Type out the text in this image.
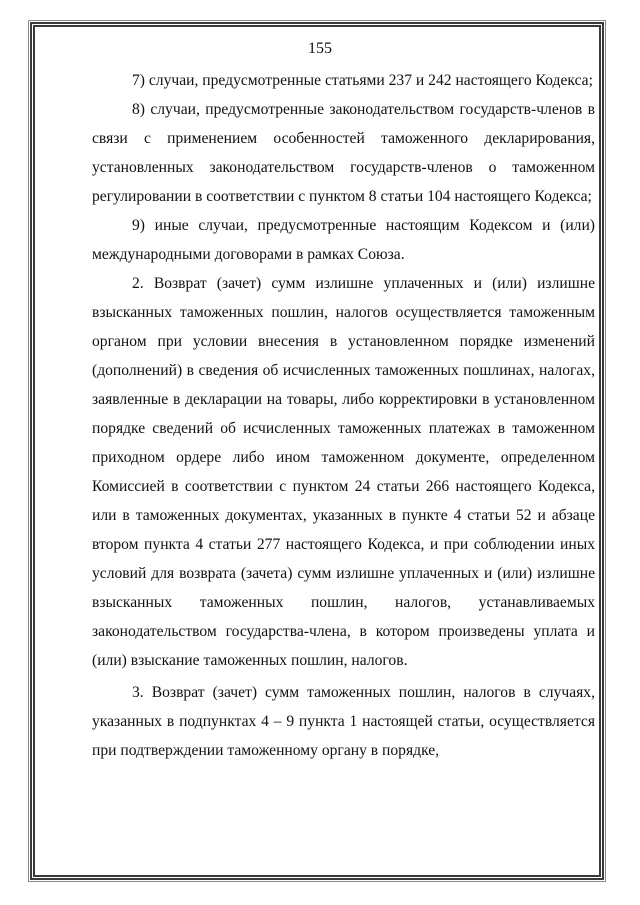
155

7) случаи, предусмотренные статьями 237 и 242 настоящего Кодекса;

8) случаи, предусмотренные законодательством государств-членов в связи с применением особенностей таможенного декларирования, установленных законодательством государств-членов о таможенном регулировании в соответствии с пунктом 8 статьи 104 настоящего Кодекса;

9) иные случаи, предусмотренные настоящим Кодексом и (или) международными договорами в рамках Союза.

2. Возврат (зачет) сумм излишне уплаченных и (или) излишне взысканных таможенных пошлин, налогов осуществляется таможенным органом при условии внесения в установленном порядке изменений (дополнений) в сведения об исчисленных таможенных пошлинах, налогах, заявленные в декларации на товары, либо корректировки в установленном порядке сведений об исчисленных таможенных платежах в таможенном приходном ордере либо ином таможенном документе, определенном Комиссией в соответствии с пунктом 24 статьи 266 настоящего Кодекса, или в таможенных документах, указанных в пункте 4 статьи 52 и абзаце втором пункта 4 статьи 277 настоящего Кодекса, и при соблюдении иных условий для возврата (зачета) сумм излишне уплаченных и (или) излишне взысканных таможенных пошлин, налогов, устанавливаемых законодательством государства-члена, в котором произведены уплата и (или) взыскание таможенных пошлин, налогов.

3. Возврат (зачет) сумм таможенных пошлин, налогов в случаях, указанных в подпунктах 4 – 9 пункта 1 настоящей статьи, осуществляется при подтверждении таможенному органу в порядке,
